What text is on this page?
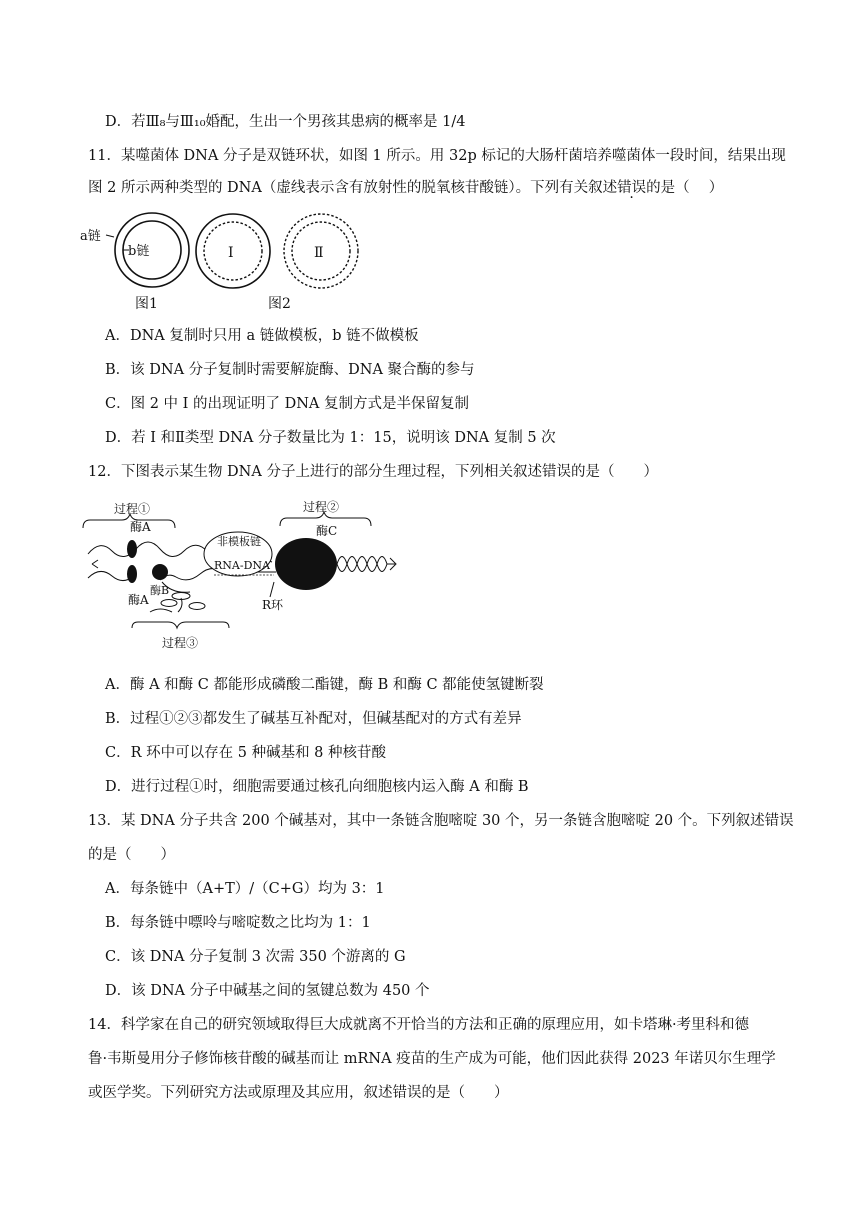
D．若Ⅲ₈与Ⅲ₁₀婚配，生出一个男孩其患病的概率是 1/4
11．某噬菌体 DNA 分子是双链环状，如图 1 所示。用 32p 标记的大肠杆菌培养噬菌体一段时间，结果出现
图 2 所示两种类型的 DNA（虚线表示含有放射性的脱氧核苷酸链）。下列有关叙述错误的是（　 ）
a链
b链	Ⅰ	Ⅱ
图1	图2
A．DNA 复制时只用 a 链做模板，b 链不做模板
B．该 DNA 分子复制时需要解旋酶、DNA 聚合酶的参与
C．图 2 中 I 的出现证明了 DNA 复制方式是半保留复制
D．若 I 和Ⅱ类型 DNA 分子数量比为 1：15，说明该 DNA 复制 5 次
12．下图表示某生物 DNA 分子上进行的部分生理过程，下列相关叙述错误的是（　　）
过程①	过程②
酶A	酶C
酶B
酶A
非模板链
RNA-DNA
R环
过程③
A．酶 A 和酶 C 都能形成磷酸二酯键，酶 B 和酶 C 都能使氢键断裂
B．过程①②③都发生了碱基互补配对，但碱基配对的方式有差异
C．R 环中可以存在 5 种碱基和 8 种核苷酸
D．进行过程①时，细胞需要通过核孔向细胞核内运入酶 A 和酶 B
13．某 DNA 分子共含 200 个碱基对，其中一条链含胞嘧啶 30 个，另一条链含胞嘧啶 20 个。下列叙述错误
的是（　　）
A．每条链中（A+T）/（C+G）均为 3：1
B．每条链中嘌呤与嘧啶数之比均为 1：1
C．该 DNA 分子复制 3 次需 350 个游离的 G
D．该 DNA 分子中碱基之间的氢键总数为 450 个
14．科学家在自己的研究领域取得巨大成就离不开恰当的方法和正确的原理应用，如卡塔琳·考里科和德
鲁·韦斯曼用分子修饰核苷酸的碱基而让 mRNA 疫苗的生产成为可能，他们因此获得 2023 年诺贝尔生理学
或医学奖。下列研究方法或原理及其应用，叙述错误的是（　　）
